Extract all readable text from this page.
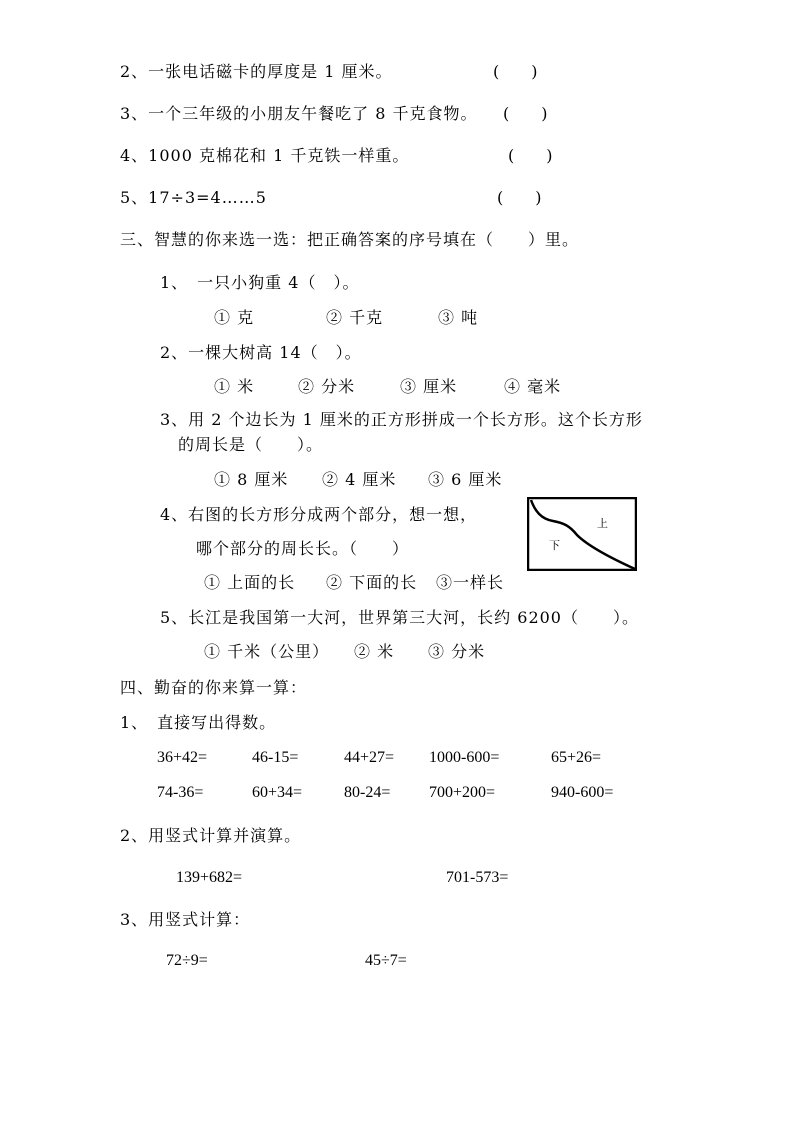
2、一张电话磁卡的厚度是 1 厘米。	(　　)
3、一个三年级的小朋友午餐吃了 8 千克食物。 (　　)
4、1000 克棉花和 1 千克铁一样重。	(　　)
5、17÷3=4……5	(　　)
三、智慧的你来选一选：把正确答案的序号填在（　　）里。
1、　一只小狗重 4（　）。
① 克	② 千克	③ 吨
2、一棵大树高 14（　）。
① 米	② 分米	③ 厘米	④ 毫米
3、用 2 个边长为 1 厘米的正方形拼成一个长方形。这个长方形
的周长是（　　）。
① 8 厘米 ② 4 厘米 ③ 6 厘米
4、右图的长方形分成两个部分，想一想，
哪个部分的周长长。（　　）
上
下
① 上面的长 ② 下面的长 ③一样长
5、长江是我国第一大河，世界第三大河，长约 6200（　　）。
① 千米（公里） ② 米 ③ 分米
四、勤奋的你来算一算：
1、　直接写出得数。
36+42=	46-15=	44+27= 1000-600=	65+26=
74-36=	60+34=	80-24= 700+200=	940-600=
2、用竖式计算并演算。
139+682=	701-573=
3、用竖式计算：
72÷9=	45÷7=
